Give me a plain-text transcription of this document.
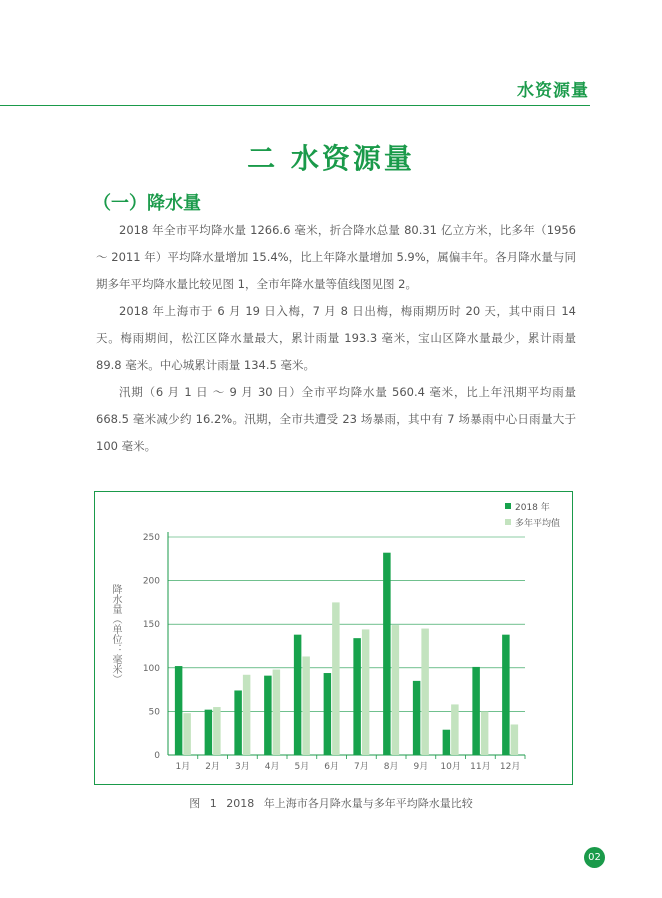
水资源量
二 水资源量
（一）降水量

2018 年全市平均降水量 1266.6 毫米，折合降水总量 80.31 亿立方米，比多年（1956 ～ 2011 年）平均降水量增加 15.4%，比上年降水量增加 5.9%，属偏丰年。各月降水量与同期多年平均降水量比较见图 1，全市年降水量等值线图见图 2。

2018 年上海市于 6 月 19 日入梅，7 月 8 日出梅，梅雨期历时 20 天，其中雨日 14 天。梅雨期间，松江区降水量最大，累计雨量 193.3 毫米，宝山区降水量最少，累计雨量 89.8 毫米。中心城累计雨量 134.5 毫米。

汛期（6 月 1 日 ～ 9 月 30 日）全市平均降水量 560.4 毫米，比上年汛期平均雨量 668.5 毫米减少约 16.2%。汛期，全市共遭受 23 场暴雨，其中有 7 场暴雨中心日雨量大于 100 毫米。

0
50
100
150
200
250
1月 2月 3月 4月 5月 6月 7月 8月 9月 10月 11月 12月
降水量（单位：毫米）
2018 年
多年平均值
图 1 2018 年上海市各月降水量与多年平均降水量比较
02
